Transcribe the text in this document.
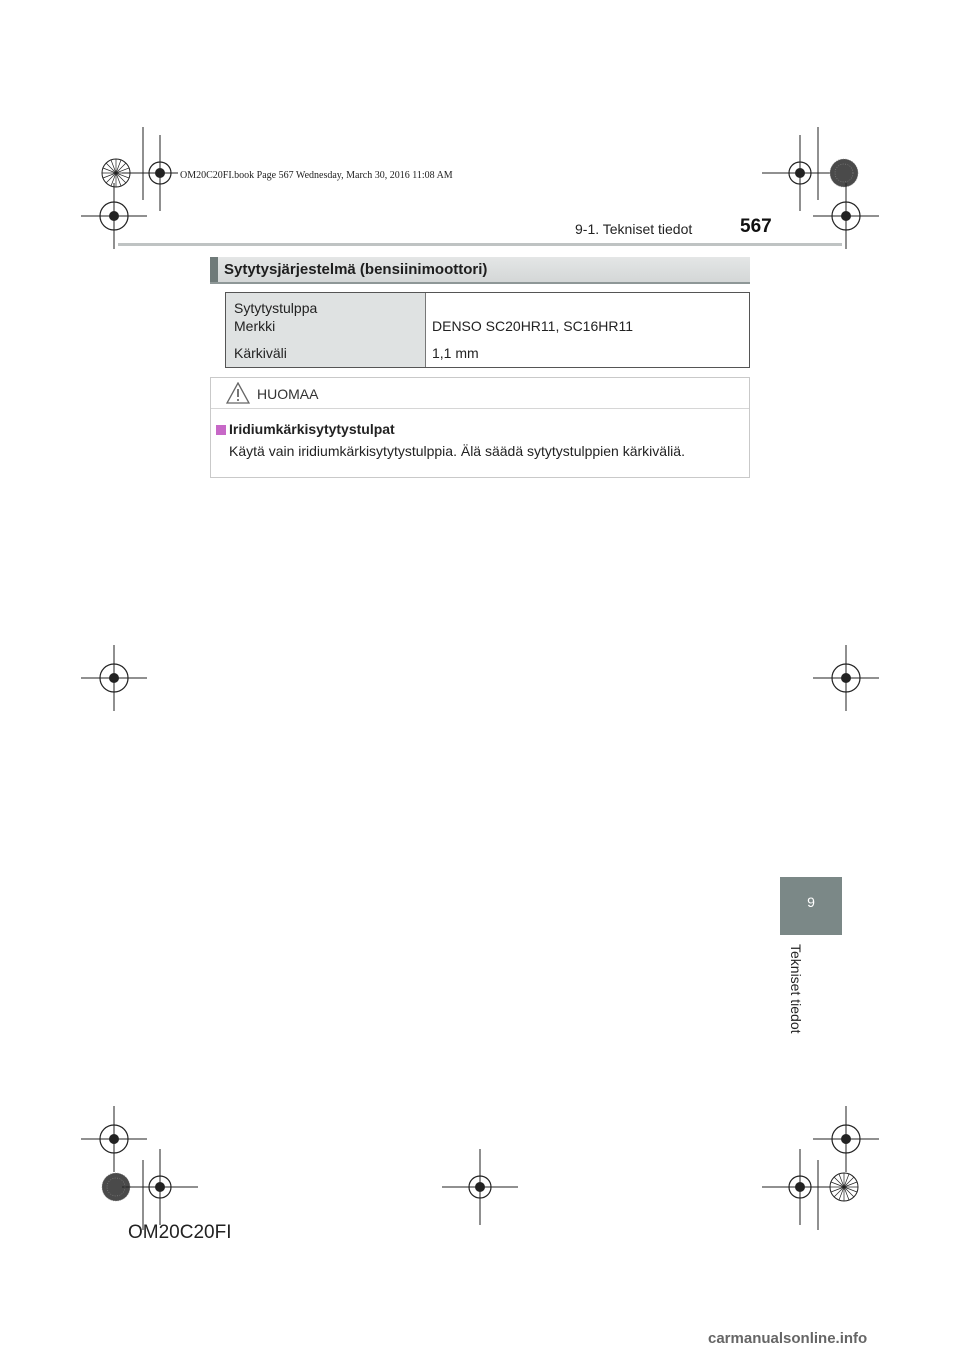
OM20C20FI.book Page 567 Wednesday, March 30, 2016 11:08 AM
9-1. Tekniset tiedot	567
Sytytysjärjestelmä (bensiinimoottori)
Sytytystulppa
Merkki	DENSO SC20HR11, SC16HR11
Kärkiväli	1,1 mm
HUOMAA
Iridiumkärkisytytystulpat
Käytä vain iridiumkärkisytytystulppia. Älä säädä sytytystulppien kärkiväliä.
9
Tekniset tiedot
OM20C20FI
carmanualsonline.info
